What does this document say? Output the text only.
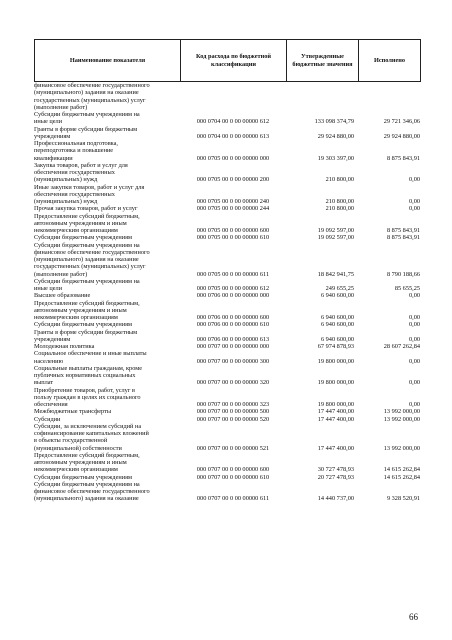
Наименование показателя	Код расхода по бюджетной классификации	Утвержденные бюджетные значения	Исполнено
финансовое обеспечение государственного
(муниципального) задания на оказание
государственных (муниципальных) услуг
(выполнение работ)
Субсидии бюджетным учреждениям на
иные цели	000 0704 00 0 00 00000 612	133 098 374,79	29 721 346,06
Гранты в форме субсидии бюджетным
учреждениям	000 0704 00 0 00 00000 613	29 924 880,00	29 924 880,00
Профессиональная подготовка,
переподготовка и повышение
квалификации	000 0705 00 0 00 00000 000	19 303 397,00	8 875 843,91
Закупка товаров, работ и услуг для
обеспечения государственных
(муниципальных) нужд	000 0705 00 0 00 00000 200	210 800,00	0,00
Иные закупки товаров, работ и услуг для
обеспечения государственных
(муниципальных) нужд	000 0705 00 0 00 00000 240	210 800,00	0,00
Прочая закупка товаров, работ и услуг	000 0705 00 0 00 00000 244	210 800,00	0,00
Предоставление субсидий бюджетным,
автономным учреждениям и иным
некоммерческим организациям	000 0705 00 0 00 00000 600	19 092 597,00	8 875 843,91
Субсидии бюджетным учреждениям	000 0705 00 0 00 00000 610	19 092 597,00	8 875 843,91
Субсидии бюджетным учреждениям на
финансовое обеспечение государственного
(муниципального) задания на оказание
государственных (муниципальных) услуг
(выполнение работ)	000 0705 00 0 00 00000 611	18 842 941,75	8 790 188,66
Субсидии бюджетным учреждениям на
иные цели	000 0705 00 0 00 00000 612	249 655,25	85 655,25
Высшее образование	000 0706 00 0 00 00000 000	6 940 600,00	0,00
Предоставление субсидий бюджетным,
автономным учреждениям и иным
некоммерческим организациям	000 0706 00 0 00 00000 600	6 940 600,00	0,00
Субсидии бюджетным учреждениям	000 0706 00 0 00 00000 610	6 940 600,00	0,00
Гранты в форме субсидии бюджетным
учреждениям	000 0706 00 0 00 00000 613	6 940 600,00	0,00
Молодежная политика	000 0707 00 0 00 00000 000	67 974 878,93	28 607 262,84
Социальное обеспечение и иные выплаты
населению	000 0707 00 0 00 00000 300	19 800 000,00	0,00
Социальные выплаты гражданам, кроме
публичных нормативных социальных
выплат	000 0707 00 0 00 00000 320	19 800 000,00	0,00
Приобретение товаров, работ, услуг в
пользу граждан в целях их социального
обеспечения	000 0707 00 0 00 00000 323	19 800 000,00	0,00
Межбюджетные трансферты	000 0707 00 0 00 00000 500	17 447 400,00	13 992 000,00
Субсидии	000 0707 00 0 00 00000 520	17 447 400,00	13 992 000,00
Субсидии, за исключением субсидий на
софинансирование капитальных вложений
в объекты государственной
(муниципальной) собственности	000 0707 00 0 00 00000 521	17 447 400,00	13 992 000,00
Предоставление субсидий бюджетным,
автономным учреждениям и иным
некоммерческим организациям	000 0707 00 0 00 00000 600	30 727 478,93	14 615 262,84
Субсидии бюджетным учреждениям	000 0707 00 0 00 00000 610	20 727 478,93	14 615 262,84
Субсидии бюджетным учреждениям на
финансовое обеспечение государственного
(муниципального) задания на оказание	000 0707 00 0 00 00000 611	14 440 737,00	9 328 520,91
66
